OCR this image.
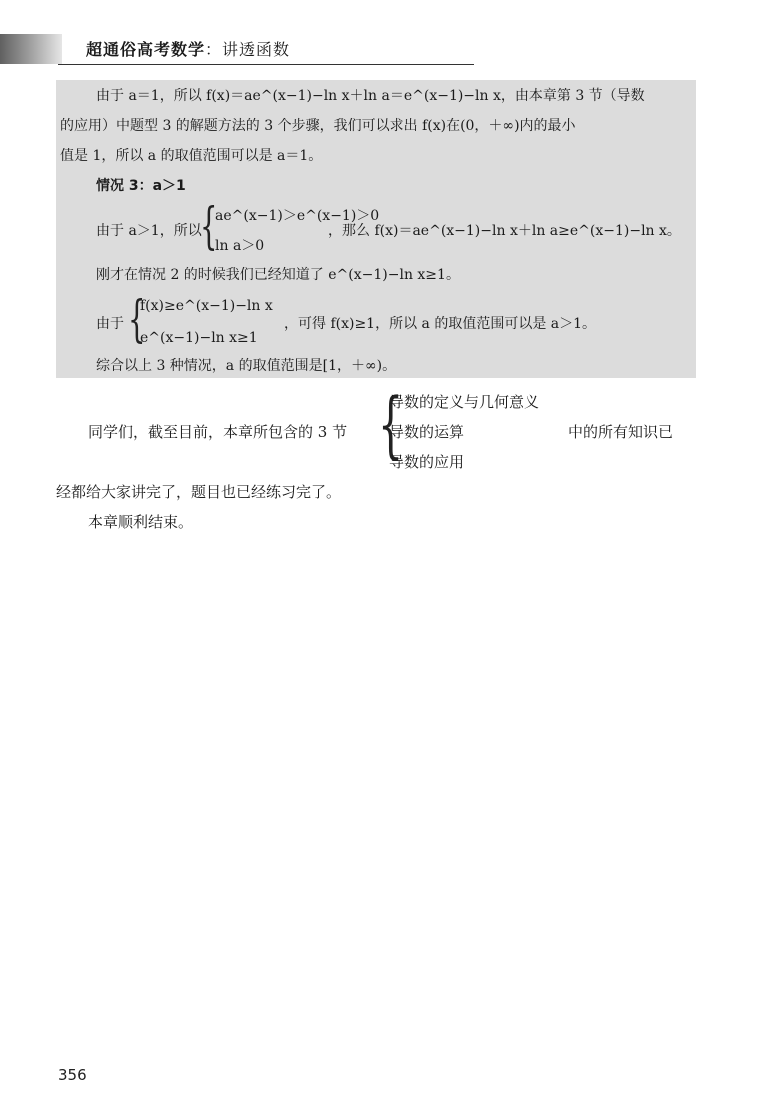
超通俗高考数学：讲透函数
由于 a＝1，所以 f(x)＝ae^(x−1)−ln x＋ln a＝e^(x−1)−ln x，由本章第 3 节（导数
的应用）中题型 3 的解题方法的 3 个步骤，我们可以求出 f(x)在(0，＋∞)内的最小
值是 1，所以 a 的取值范围可以是 a＝1。
情况 3：a＞1
由于 a＞1，所以
{
ae^(x−1)＞e^(x−1)＞0
ln a＞0
，那么 f(x)＝ae^(x−1)−ln x＋ln a≥e^(x−1)−ln x。
刚才在情况 2 的时候我们已经知道了 e^(x−1)−ln x≥1。
由于 {
f(x)≥e^(x−1)−ln x
e^(x−1)−ln x≥1
，可得 f(x)≥1，所以 a 的取值范围可以是 a＞1。
综合以上 3 种情况，a 的取值范围是[1，＋∞)。
同学们，截至目前，本章所包含的 3 节 {
导数的定义与几何意义
导数的运算
导数的应用
中的所有知识已
经都给大家讲完了，题目也已经练习完了。
本章顺利结束。
356
